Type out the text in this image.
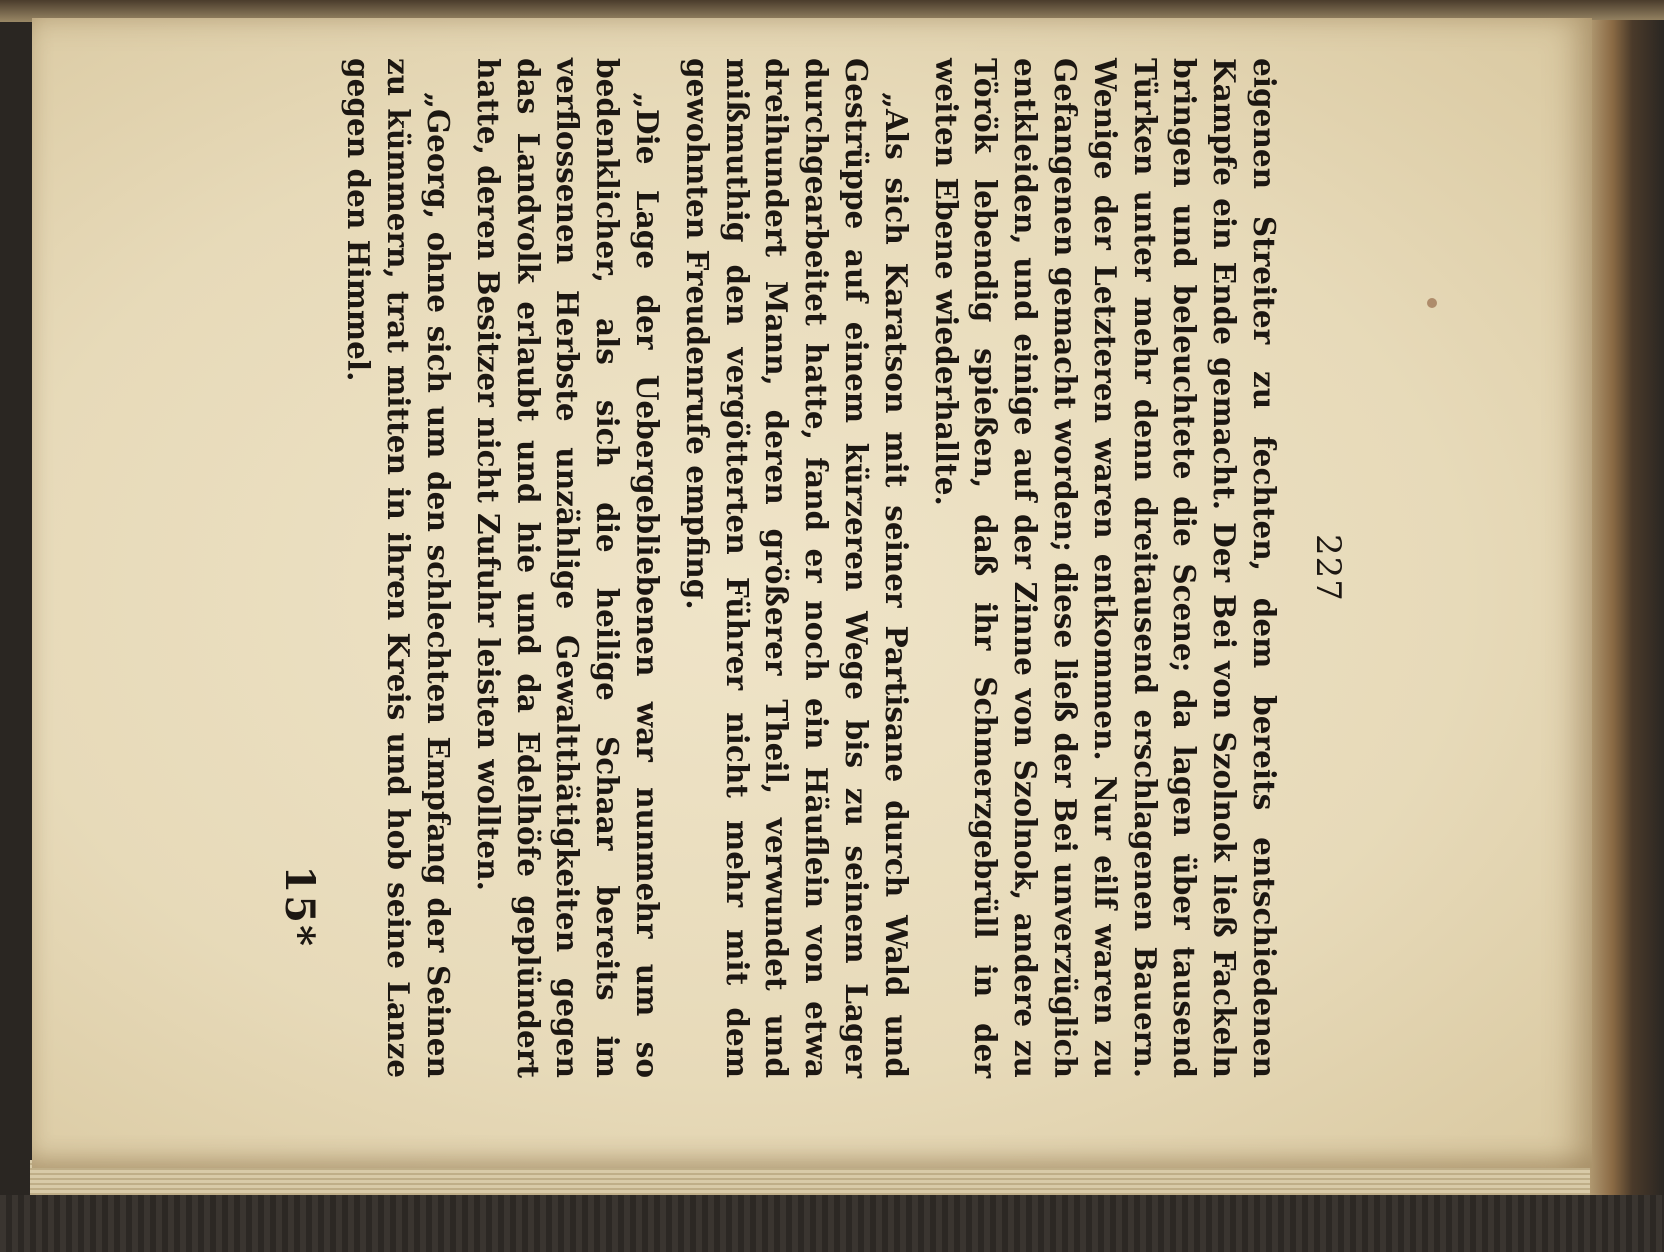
227

eigenen Streiter zu fechten, dem bereits entschiedenen Kampfe ein Ende gemacht. Der Bei von Szolnok ließ Fackeln bringen und beleuchtete die Scene; da lagen über tausend Türken unter mehr denn dreitausend erschlagenen Bauern. Wenige der Letzteren waren entkommen. Nur eilf waren zu Gefangenen gemacht worden; diese ließ der Bei unverzüglich entkleiden, und einige auf der Zinne von Szolnok, andere zu Török lebendig spießen, daß ihr Schmerzgebrüll in der weiten Ebene wiederhallte.

„Als sich Karatson mit seiner Partisane durch Wald und Gestrüppe auf einem kürzeren Wege bis zu seinem Lager durchgearbeitet hatte, fand er noch ein Häuflein von etwa dreihundert Mann, deren größerer Theil, verwundet und mißmuthig den vergötterten Führer nicht mehr mit dem gewohnten Freudenrufe empfing.

„Die Lage der Uebergebliebenen war nunmehr um so bedenklicher, als sich die heilige Schaar bereits im verflossenen Herbste unzählige Gewaltthätigkeiten gegen das Landvolk erlaubt und hie und da Edelhöfe geplündert hatte, deren Besitzer nicht Zufuhr leisten wollten.

„Georg, ohne sich um den schlechten Empfang der Seinen zu kümmern, trat mitten in ihren Kreis und hob seine Lanze gegen den Himmel.

15*
